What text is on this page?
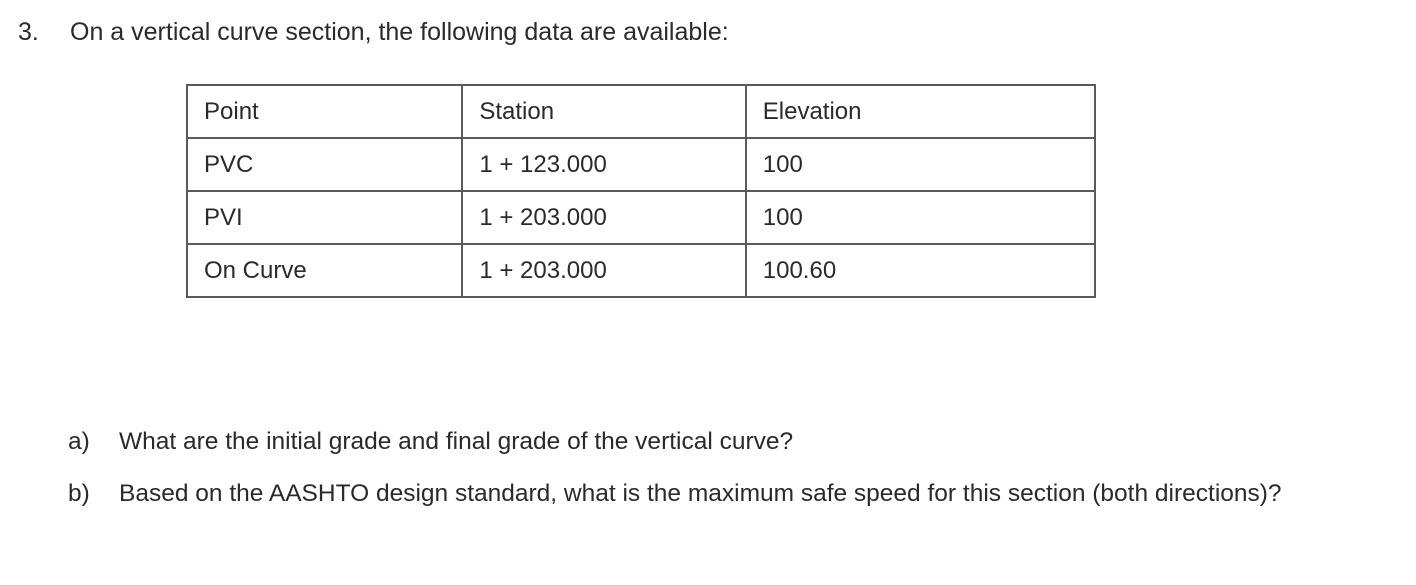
3. On a vertical curve section, the following data are available:
Point	Station	Elevation
PVC	1 + 123.000	100
PVI	1 + 203.000	100
On Curve	1 + 203.000	100.60
a) What are the initial grade and final grade of the vertical curve?
b) Based on the AASHTO design standard, what is the maximum safe speed for this section (both directions)?
